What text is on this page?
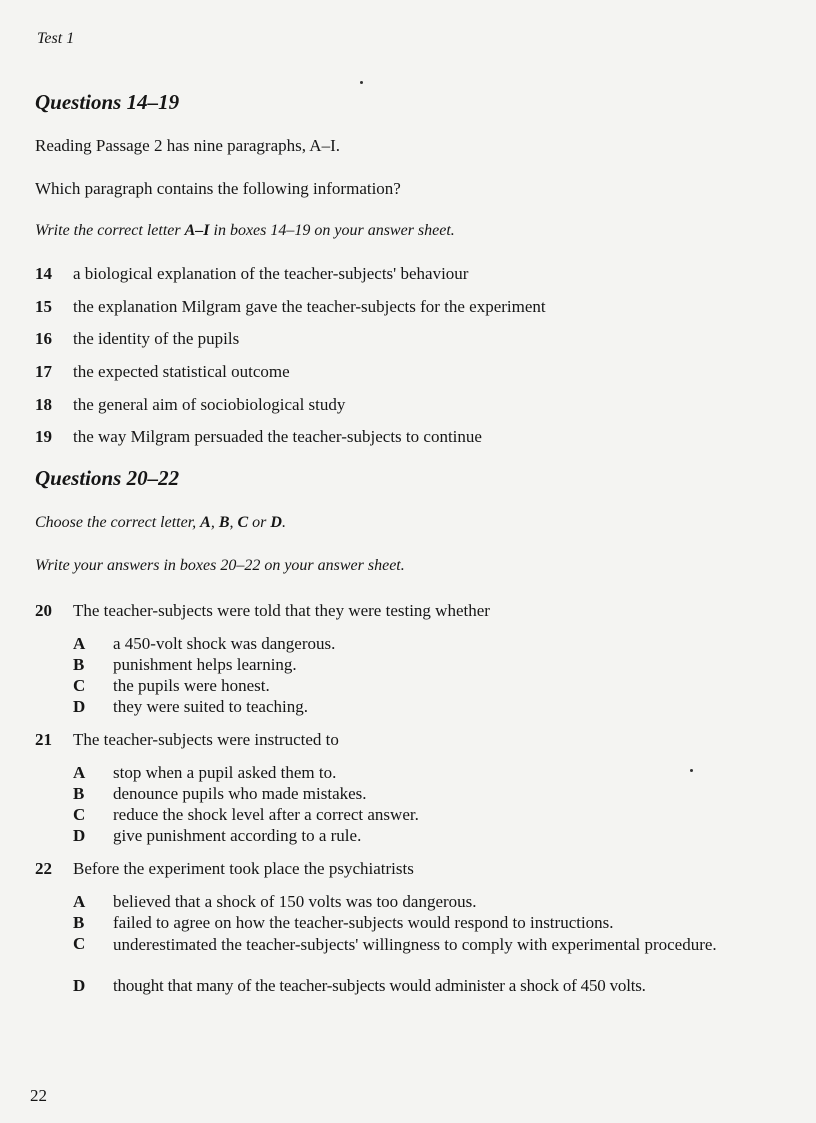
Test 1
Questions 14–19
Reading Passage 2 has nine paragraphs, A–I.
Which paragraph contains the following information?
Write the correct letter A–I in boxes 14–19 on your answer sheet.
14 a biological explanation of the teacher-subjects' behaviour
15 the explanation Milgram gave the teacher-subjects for the experiment
16 the identity of the pupils
17 the expected statistical outcome
18 the general aim of sociobiological study
19 the way Milgram persuaded the teacher-subjects to continue
Questions 20–22
Choose the correct letter, A, B, C or D.
Write your answers in boxes 20–22 on your answer sheet.
20 The teacher-subjects were told that they were testing whether
A a 450-volt shock was dangerous.
B punishment helps learning.
C the pupils were honest.
D they were suited to teaching.
21 The teacher-subjects were instructed to
A stop when a pupil asked them to.
B denounce pupils who made mistakes.
C reduce the shock level after a correct answer.
D give punishment according to a rule.
22 Before the experiment took place the psychiatrists
A believed that a shock of 150 volts was too dangerous.
B failed to agree on how the teacher-subjects would respond to instructions.
C underestimated the teacher-subjects' willingness to comply with experimental procedure.
D thought that many of the teacher-subjects would administer a shock of 450 volts.
22
